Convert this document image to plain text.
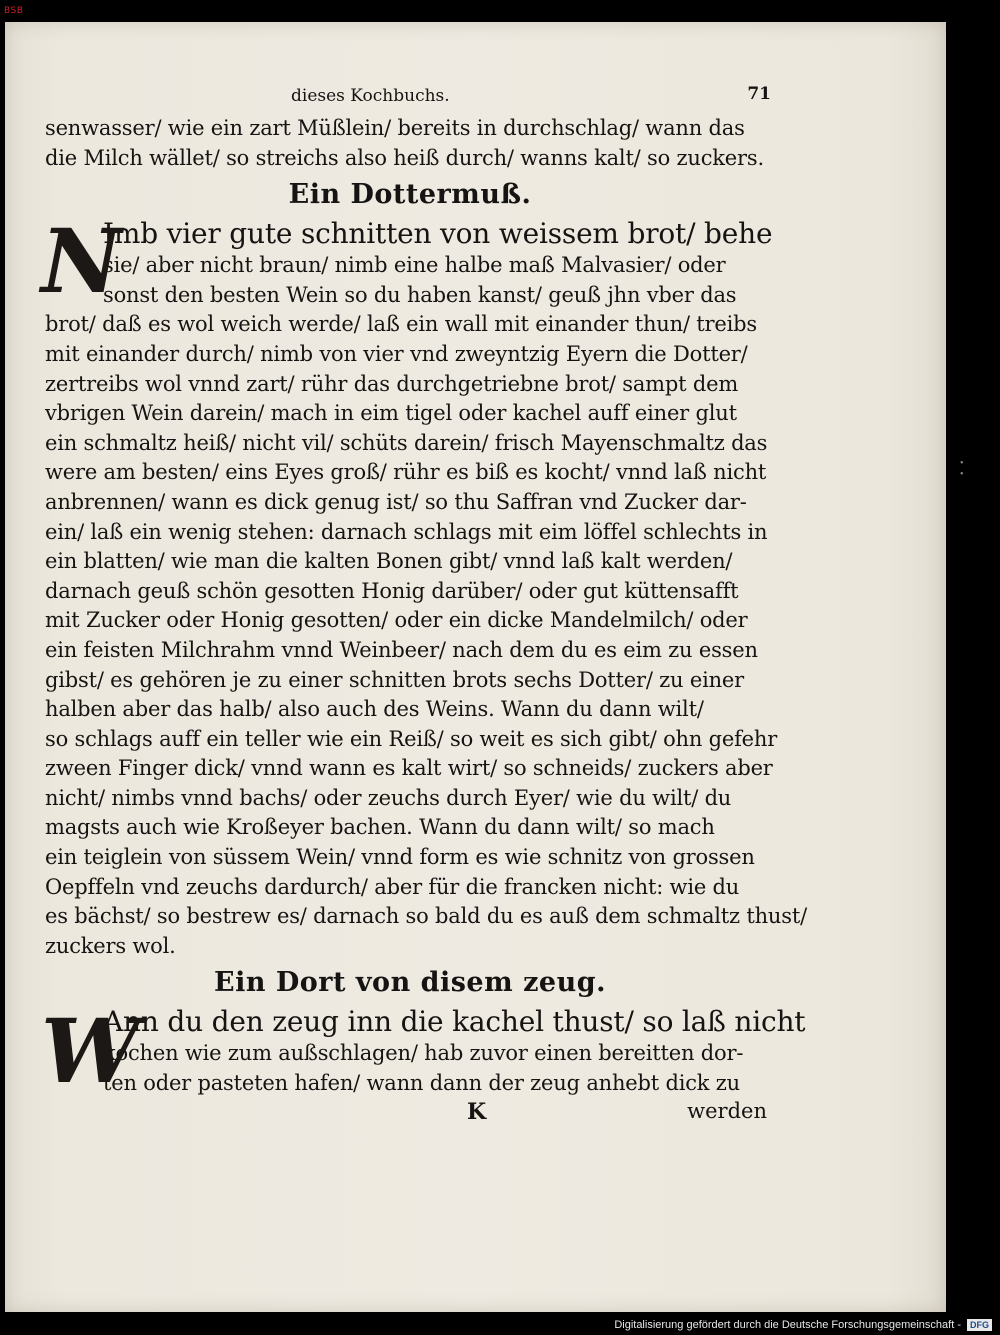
BSB
dieses Kochbuchs.	71
senwasser/ wie ein zart Müßlein/ bereits in durchschlag/ wann das
die Milch wället/ so streichs also heiß durch/ wanns kalt/ so zuckers.
Ein Dottermuß.
N
Imb vier gute schnitten von weissem brot/ behe
sie/ aber nicht braun/ nimb eine halbe maß Malvasier/ oder
sonst den besten Wein so du haben kanst/ geuß jhn vber das
brot/ daß es wol weich werde/ laß ein wall mit einander thun/ treibs
mit einander durch/ nimb von vier vnd zweyntzig Eyern die Dotter/
zertreibs wol vnnd zart/ rühr das durchgetriebne brot/ sampt dem
vbrigen Wein darein/ mach in eim tigel oder kachel auff einer glut
ein schmaltz heiß/ nicht vil/ schüts darein/ frisch Mayenschmaltz das
were am besten/ eins Eyes groß/ rühr es biß es kocht/ vnnd laß nicht
anbrennen/ wann es dick genug ist/ so thu Saffran vnd Zucker dar-
ein/ laß ein wenig stehen: darnach schlags mit eim löffel schlechts in
ein blatten/ wie man die kalten Bonen gibt/ vnnd laß kalt werden/
darnach geuß schön gesotten Honig darüber/ oder gut küttensafft
mit Zucker oder Honig gesotten/ oder ein dicke Mandelmilch/ oder
ein feisten Milchrahm vnnd Weinbeer/ nach dem du es eim zu essen
gibst/ es gehören je zu einer schnitten brots sechs Dotter/ zu einer
halben aber das halb/ also auch des Weins. Wann du dann wilt/
so schlags auff ein teller wie ein Reiß/ so weit es sich gibt/ ohn gefehr
zween Finger dick/ vnnd wann es kalt wirt/ so schneids/ zuckers aber
nicht/ nimbs vnnd bachs/ oder zeuchs durch Eyer/ wie du wilt/ du
magsts auch wie Kroßeyer bachen. Wann du dann wilt/ so mach
ein teiglein von süssem Wein/ vnnd form es wie schnitz von grossen
Oepffeln vnd zeuchs dardurch/ aber für die francken nicht: wie du
es bächst/ so bestrew es/ darnach so bald du es auß dem schmaltz thust/
zuckers wol.
Ein Dort von disem zeug.
W
Ann du den zeug inn die kachel thust/ so laß nicht
kochen wie zum außschlagen/ hab zuvor einen bereitten dor-
ten oder pasteten hafen/ wann dann der zeug anhebt dick zu
K	werden
• •
Digitalisierung gefördert durch die Deutsche Forschungsgemeinschaft -	DFG
